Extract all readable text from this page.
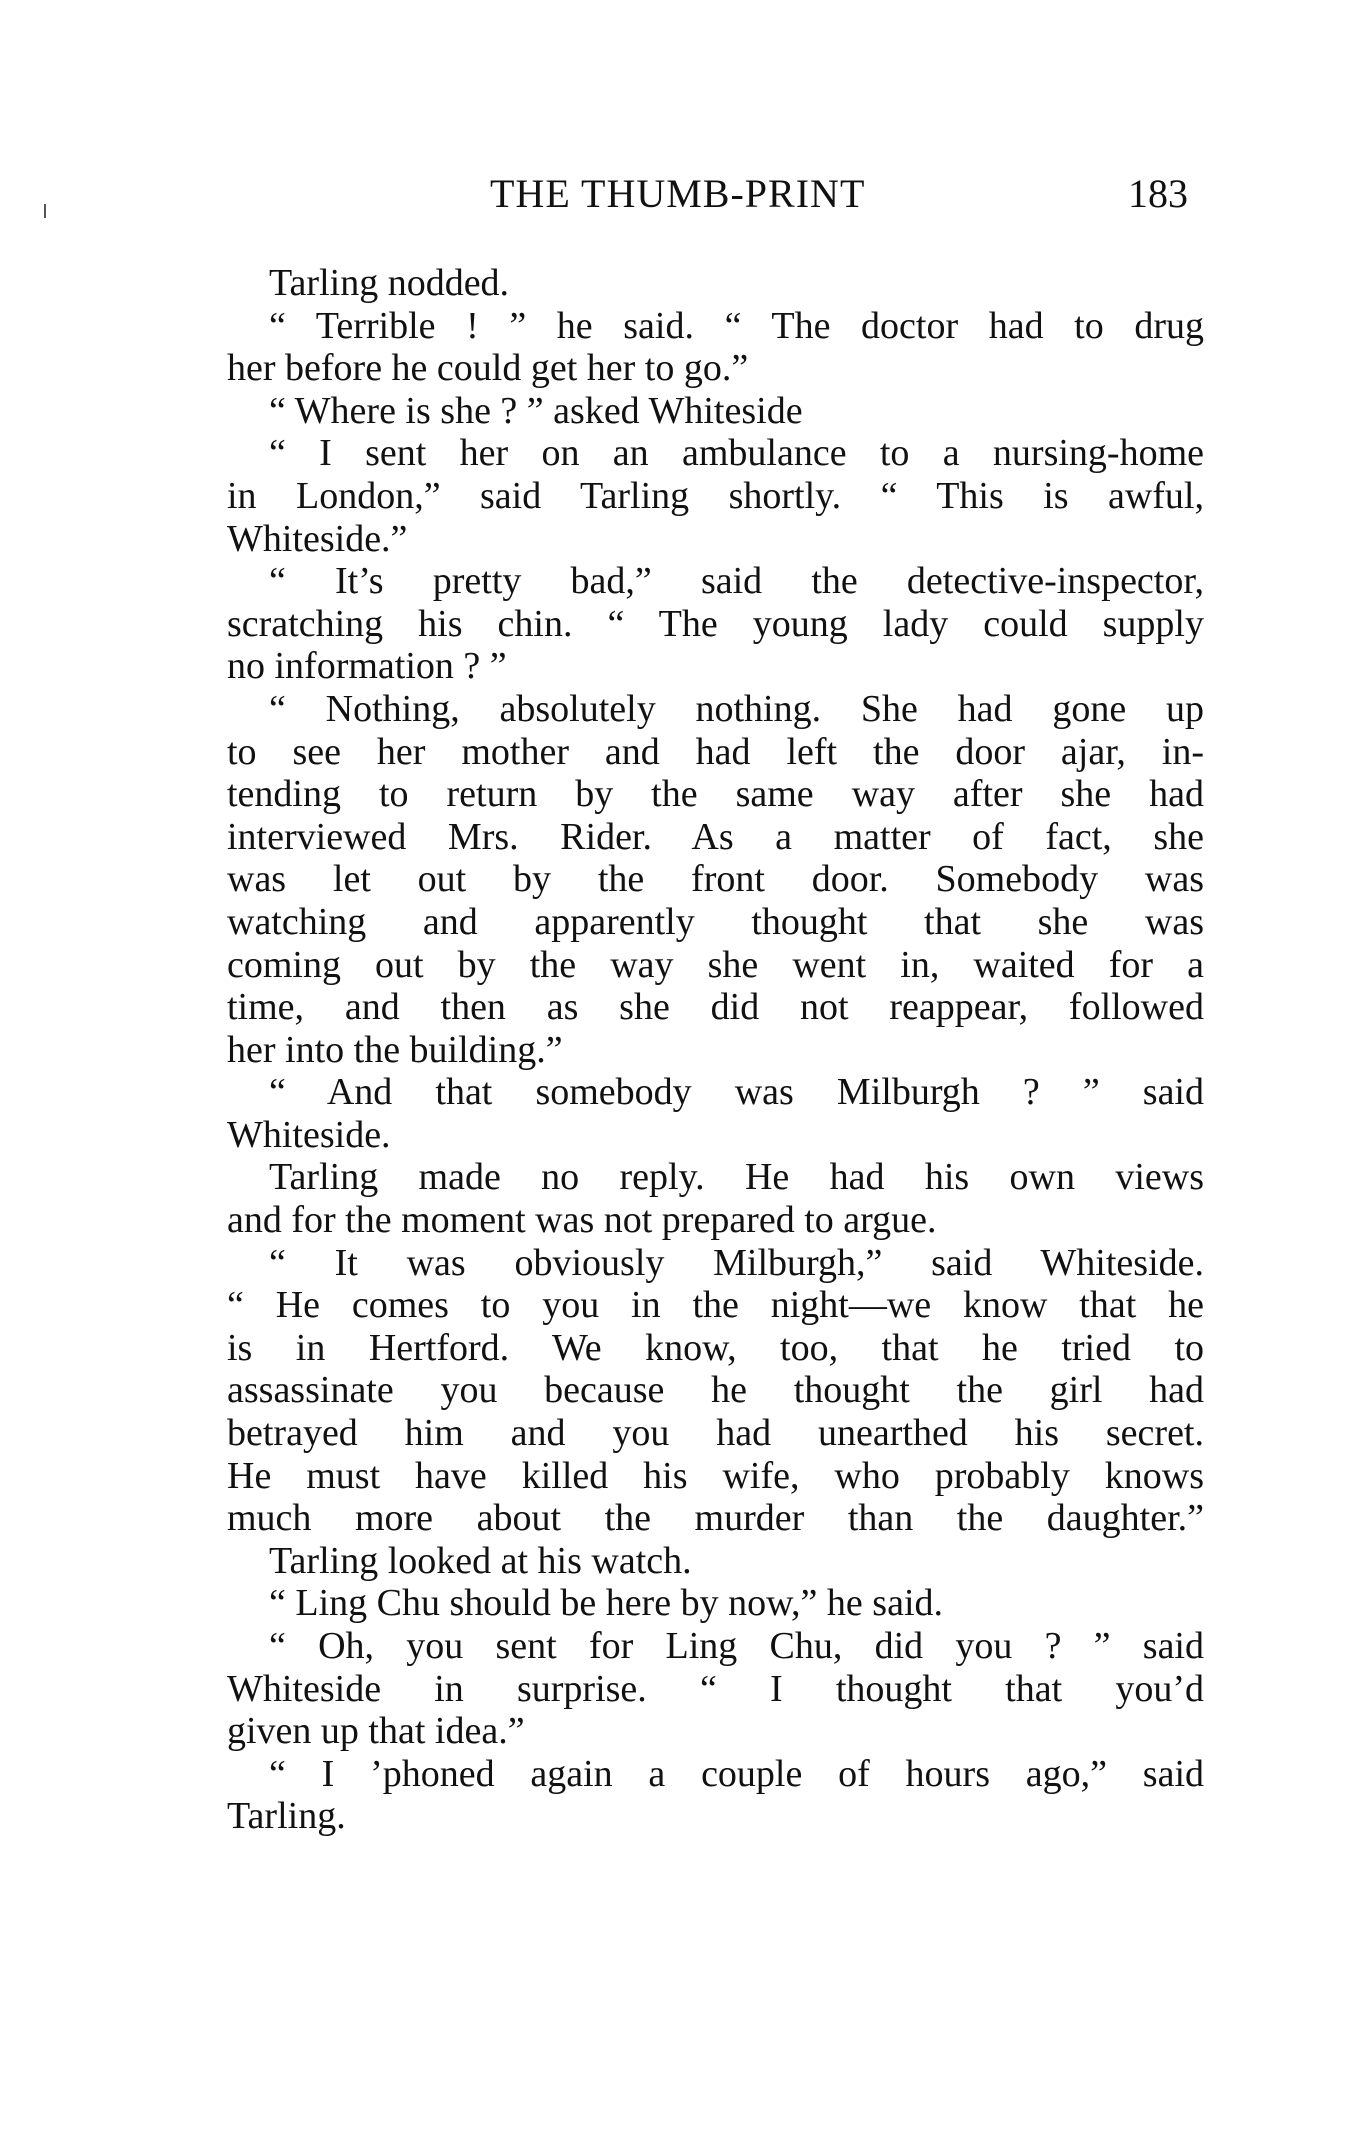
THE THUMB-PRINT	183
Tarling nodded.
“ Terrible ! ” he said. “ The doctor had to drug
her before he could get her to go.”
“ Where is she ? ” asked Whiteside
“ I sent her on an ambulance to a nursing-home
in London,” said Tarling shortly. “ This is awful,
Whiteside.”
“ It’s pretty bad,” said the detective-inspector,
scratching his chin. “ The young lady could supply
no information ? ”
“ Nothing, absolutely nothing. She had gone up
to see her mother and had left the door ajar, in-
tending to return by the same way after she had
interviewed Mrs. Rider. As a matter of fact, she
was let out by the front door. Somebody was
watching and apparently thought that she was
coming out by the way she went in, waited for a
time, and then as she did not reappear, followed
her into the building.”
“ And that somebody was Milburgh ? ” said
Whiteside.
Tarling made no reply. He had his own views
and for the moment was not prepared to argue.
“ It was obviously Milburgh,” said Whiteside.
“ He comes to you in the night—we know that he
is in Hertford. We know, too, that he tried to
assassinate you because he thought the girl had
betrayed him and you had unearthed his secret.
He must have killed his wife, who probably knows
much more about the murder than the daughter.”
Tarling looked at his watch.
“ Ling Chu should be here by now,” he said.
“ Oh, you sent for Ling Chu, did you ? ” said
Whiteside in surprise. “ I thought that you’d
given up that idea.”
“ I ’phoned again a couple of hours ago,” said
Tarling.
